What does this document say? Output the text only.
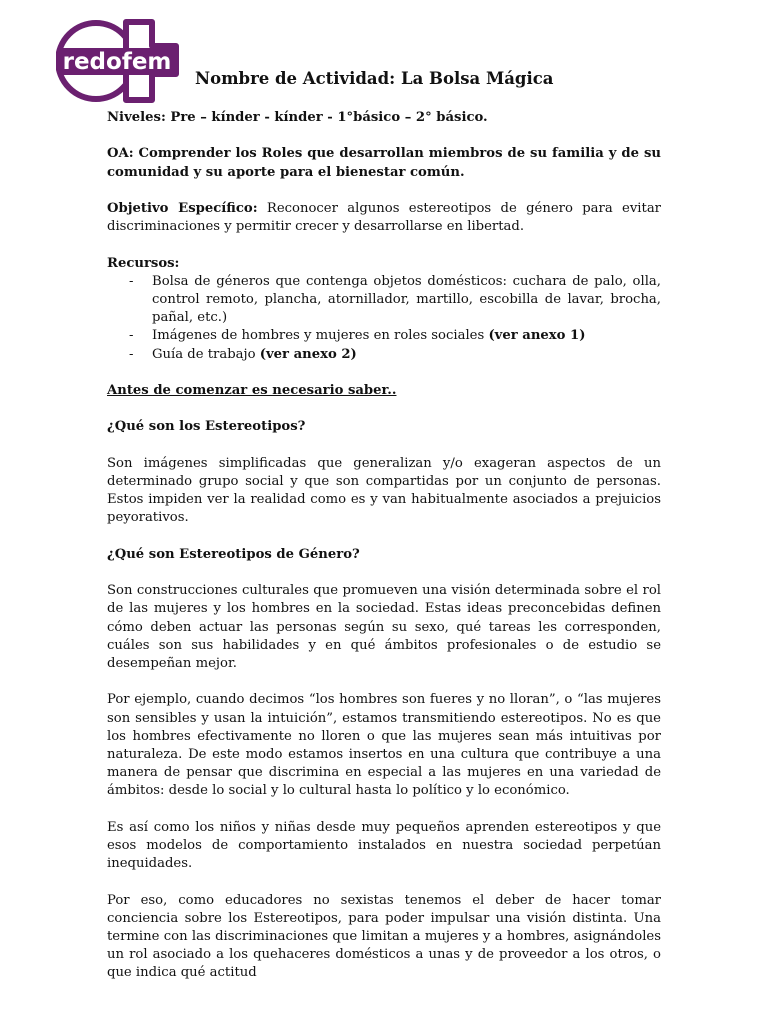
redofem
Nombre de Actividad: La Bolsa Mágica

Niveles: Pre – kínder - kínder - 1°básico – 2° básico.

OA: Comprender los Roles que desarrollan miembros de su familia y de su comunidad y su aporte para el bienestar común.

Objetivo Específico: Reconocer algunos estereotipos de género para evitar discriminaciones y permitir crecer y desarrollarse en libertad.

Recursos:

- Bolsa de géneros que contenga objetos domésticos: cuchara de palo, olla, control remoto, plancha, atornillador, martillo, escobilla de lavar, brocha, pañal, etc.)
- Imágenes de hombres y mujeres en roles sociales (ver anexo 1)
- Guía de trabajo (ver anexo 2)

Antes de comenzar es necesario saber..

¿Qué son los Estereotipos?

Son imágenes simplificadas que generalizan y/o exageran aspectos de un determinado grupo social y que son compartidas por un conjunto de personas. Estos impiden ver la realidad como es y van habitualmente asociados a prejuicios peyorativos.

¿Qué son Estereotipos de Género?

Son construcciones culturales que promueven una visión determinada sobre el rol de las mujeres y los hombres en la sociedad. Estas ideas preconcebidas definen cómo deben actuar las personas según su sexo, qué tareas les corresponden, cuáles son sus habilidades y en qué ámbitos profesionales o de estudio se desempeñan mejor.

Por ejemplo, cuando decimos “los hombres son fueres y no lloran”, o “las mujeres son sensibles y usan la intuición”, estamos transmitiendo estereotipos. No es que los hombres efectivamente no lloren o que las mujeres sean más intuitivas por naturaleza. De este modo estamos insertos en una cultura que contribuye a una manera de pensar que discrimina en especial a las mujeres en una variedad de ámbitos: desde lo social y lo cultural hasta lo político y lo económico.

Es así como los niños y niñas desde muy pequeños aprenden estereotipos y que esos modelos de comportamiento instalados en nuestra sociedad perpetúan inequidades.

Por eso, como educadores no sexistas tenemos el deber de hacer tomar conciencia sobre los Estereotipos, para poder impulsar una visión distinta. Una termine con las discriminaciones que limitan a mujeres y a hombres, asignándoles un rol asociado a los quehaceres domésticos a unas y de proveedor a los otros, o que indica qué actitud
